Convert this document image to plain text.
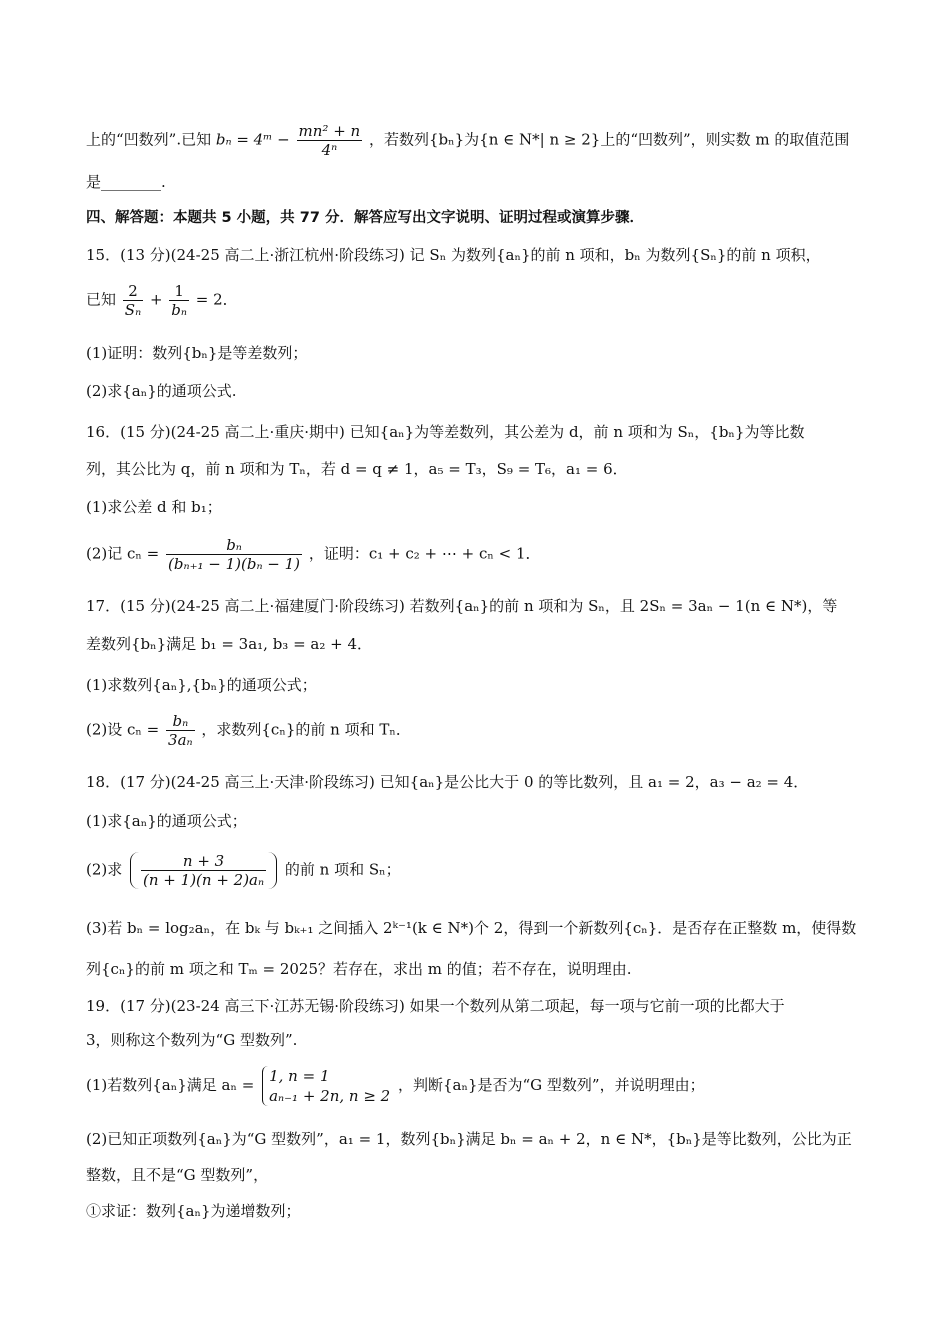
上的“凹数列”.已知 bₙ = 4ᵐ − $\frac{\text{mn² + n}}{\text{4ⁿ}}$ ，若数列{bₙ}为{n ∈ N*| n ≥ 2}上的“凹数列”，则实数 m 的取值范围
是________.
四、解答题：本题共 5 小题，共 77 分．解答应写出文字说明、证明过程或演算步骤．
15．(13 分)(24-25 高二上·浙江杭州·阶段练习) 记 Sₙ 为数列{aₙ}的前 n 项和，bₙ 为数列{Sₙ}的前 n 项积，
已知 $\frac{2}{\text{Sₙ}} + \frac{1}{\text{bₙ}} = 2$．
(1)证明：数列{bₙ}是等差数列；
(2)求{aₙ}的通项公式.
16．(15 分)(24-25 高二上·重庆·期中) 已知{aₙ}为等差数列，其公差为 d，前 n 项和为 Sₙ，{bₙ}为等比数
列，其公比为 q，前 n 项和为 Tₙ，若 d = q ≠ 1，a₅ = T₃，S₉ = T₆，a₁ = 6．
(1)求公差 d 和 b₁；
(2)记 $c_n = \frac{\text{bₙ}}{\text{(bₙ₊₁ − 1)(bₙ − 1)}}$ ，证明：c₁ + c₂ + ⋯ + cₙ < 1．
17．(15 分)(24-25 高二上·福建厦门·阶段练习) 若数列{aₙ}的前 n 项和为 Sₙ，且 2Sₙ = 3aₙ − 1(n ∈ N*)，等
差数列{bₙ}满足 b₁ = 3a₁, b₃ = a₂ + 4．
(1)求数列{aₙ},{bₙ}的通项公式；
(2)设 $c_n = \frac{\text{bₙ}}{\text{3aₙ}}$ ，求数列{cₙ}的前 n 项和 Tₙ．
18．(17 分)(24-25 高三上·天津·阶段练习) 已知{aₙ}是公比大于 0 的等比数列，且 a₁ = 2，a₃ − a₂ = 4．
(1)求{aₙ}的通项公式；
(2)求 $\frac{n + 3}{\text{(n + 1)(n + 2)aₙ}}$ 的前 n 项和 Sₙ；
(3)若 bₙ = log₂aₙ，在 bₖ 与 bₖ₊₁ 之间插入 2ᵏ⁻¹(k ∈ N*)个 2，得到一个新数列{cₙ}．是否存在正整数 m，使得数
列{cₙ}的前 m 项之和 Tₘ = 2025？若存在，求出 m 的值；若不存在，说明理由.
19．(17 分)(23-24 高三下·江苏无锡·阶段练习) 如果一个数列从第二项起，每一项与它前一项的比都大于
3，则称这个数列为“G 型数列”.
(1)若数列{aₙ}满足 aₙ = 1, n = 1
aₙ₋₁ + 2n, n ≥ 2
，判断{aₙ}是否为“G 型数列”，并说明理由；
(2)已知正项数列{aₙ}为“G 型数列”，a₁ = 1，数列{bₙ}满足 bₙ = aₙ + 2，n ∈ N*，{bₙ}是等比数列，公比为正
整数，且不是“G 型数列”，
①求证：数列{aₙ}为递增数列；
